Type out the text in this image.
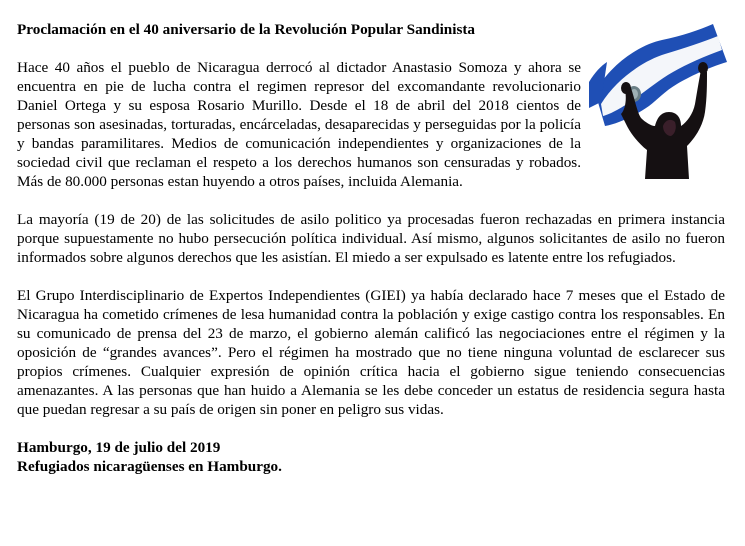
Proclamación en el 40 aniversario de la Revolución Popular Sandinista

Hace 40 años el pueblo de Nicaragua derrocó al dictador Anastasio Somoza y ahora se encuentra en pie de lucha contra el regimen represor del excomandante revolucionario Daniel Ortega y su esposa Rosario Murillo. Desde el 18 de abril del 2018 cientos de personas son asesinadas, torturadas, encárceladas, desaparecidas y perseguidas por la policía y bandas paramilitares. Medios de comunicación independientes y organizaciones de la sociedad civil que reclaman el respeto a los derechos humanos son censuradas y robados. Más de 80.000 personas estan huyendo a otros países, incluida Alemania.

La mayoría (19 de 20) de las solicitudes de asilo politico ya procesadas fueron rechazadas en primera instancia porque supuestamente no hubo persecución política individual. Así mismo, algunos solicitantes de asilo no fueron informados sobre algunos derechos que les asistían. El miedo a ser expulsado es latente entre los refugiados.

El Grupo Interdisciplinario de Expertos Independientes (GIEI) ya había declarado hace 7 meses que el Estado de Nicaragua ha cometido crímenes de lesa humanidad contra la población y exige castigo contra los responsables. En su comunicado de prensa del 23 de marzo, el gobierno alemán calificó las negociaciones entre el régimen y la oposición de “grandes avances”. Pero el régimen ha mostrado que no tiene ninguna voluntad de esclarecer sus propios crímenes. Cualquier expresión de opinión crítica hacia el gobierno sigue teniendo consecuencias amenazantes. A las personas que han huido a Alemania se les debe conceder un estatus de residencia segura hasta que puedan regresar a su país de origen sin poner en peligro sus vidas.

Hamburgo, 19 de julio del 2019

Refugiados nicaragüenses en Hamburgo.
